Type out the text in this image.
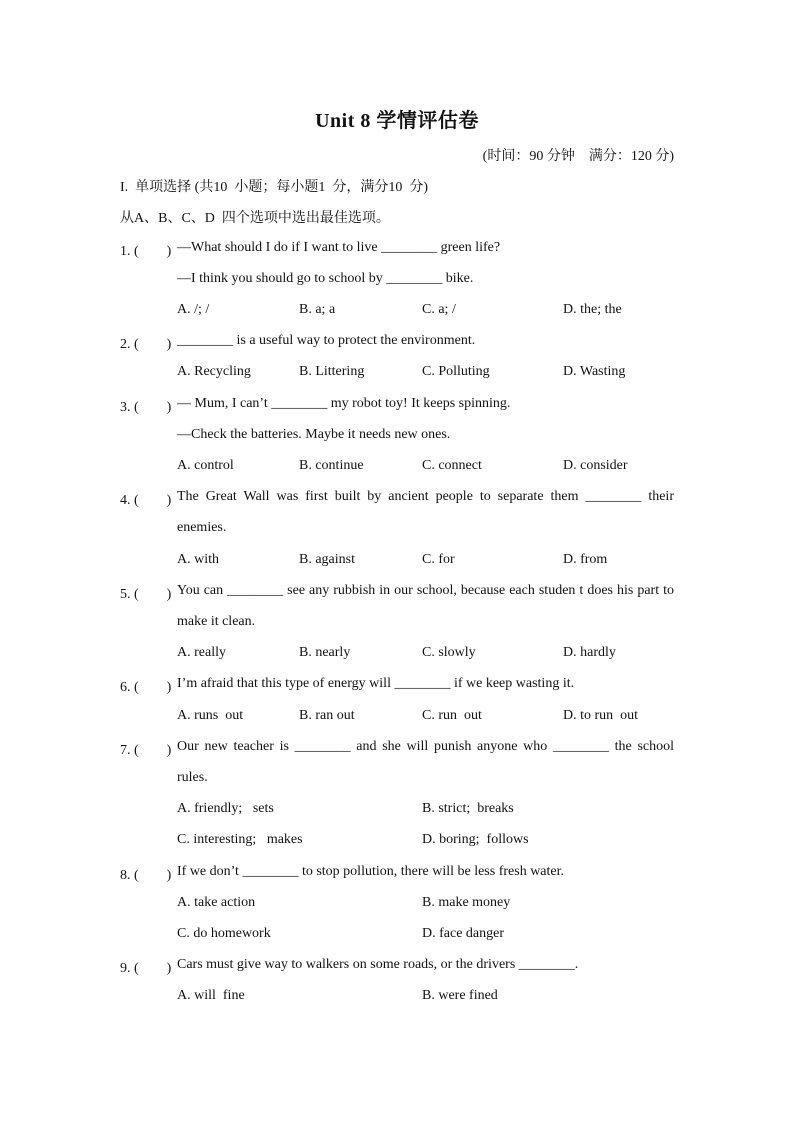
Unit 8 学情评估卷
(时间：90 分钟　满分：120 分)
I.  单项选择 (共10  小题；每小题1  分，满分10  分)
从A、B、C、D  四个选项中选出最佳选项。
1. (　　) —What should I do if I want to live ________ green life?
—I think you should go to school by ________ bike.
A. /; /	B. a; a	C. a; /	D. the; the
2. (　　) ________ is a useful way to protect the environment.
A. Recycling	B. Littering	C. Polluting	D. Wasting
3. (　　) — Mum, I can’t ________ my robot toy! It keeps spinning.
—Check the batteries. Maybe it needs new ones.
A. control	B. continue	C. connect	D. consider
4. (　　) The Great Wall was first built by ancient people to separate them ________ their enemies.
A. with	B. against	C. for	D. from
5. (　　) You can ________ see any rubbish in our school, because each studen t does his part to make it clean.
A. really	B. nearly	C. slowly	D. hardly
6. (　　) I’m afraid that this type of energy will ________ if we keep wasting it.
A. runs  out	B. ran out	C. run  out	D. to run  out
7. (　　) Our new teacher is ________ and she will punish anyone who ________ the school rules.
A. friendly;   sets	B. strict;  breaks
C. interesting;   makes	D. boring;  follows
8. (　　) If we don’t ________ to stop pollution, there will be less fresh water.
A. take action	B. make money
C. do homework	D. face danger
9. (　　) Cars must give way to walkers on some roads, or the drivers ________.
A. will  fine	B. were fined
